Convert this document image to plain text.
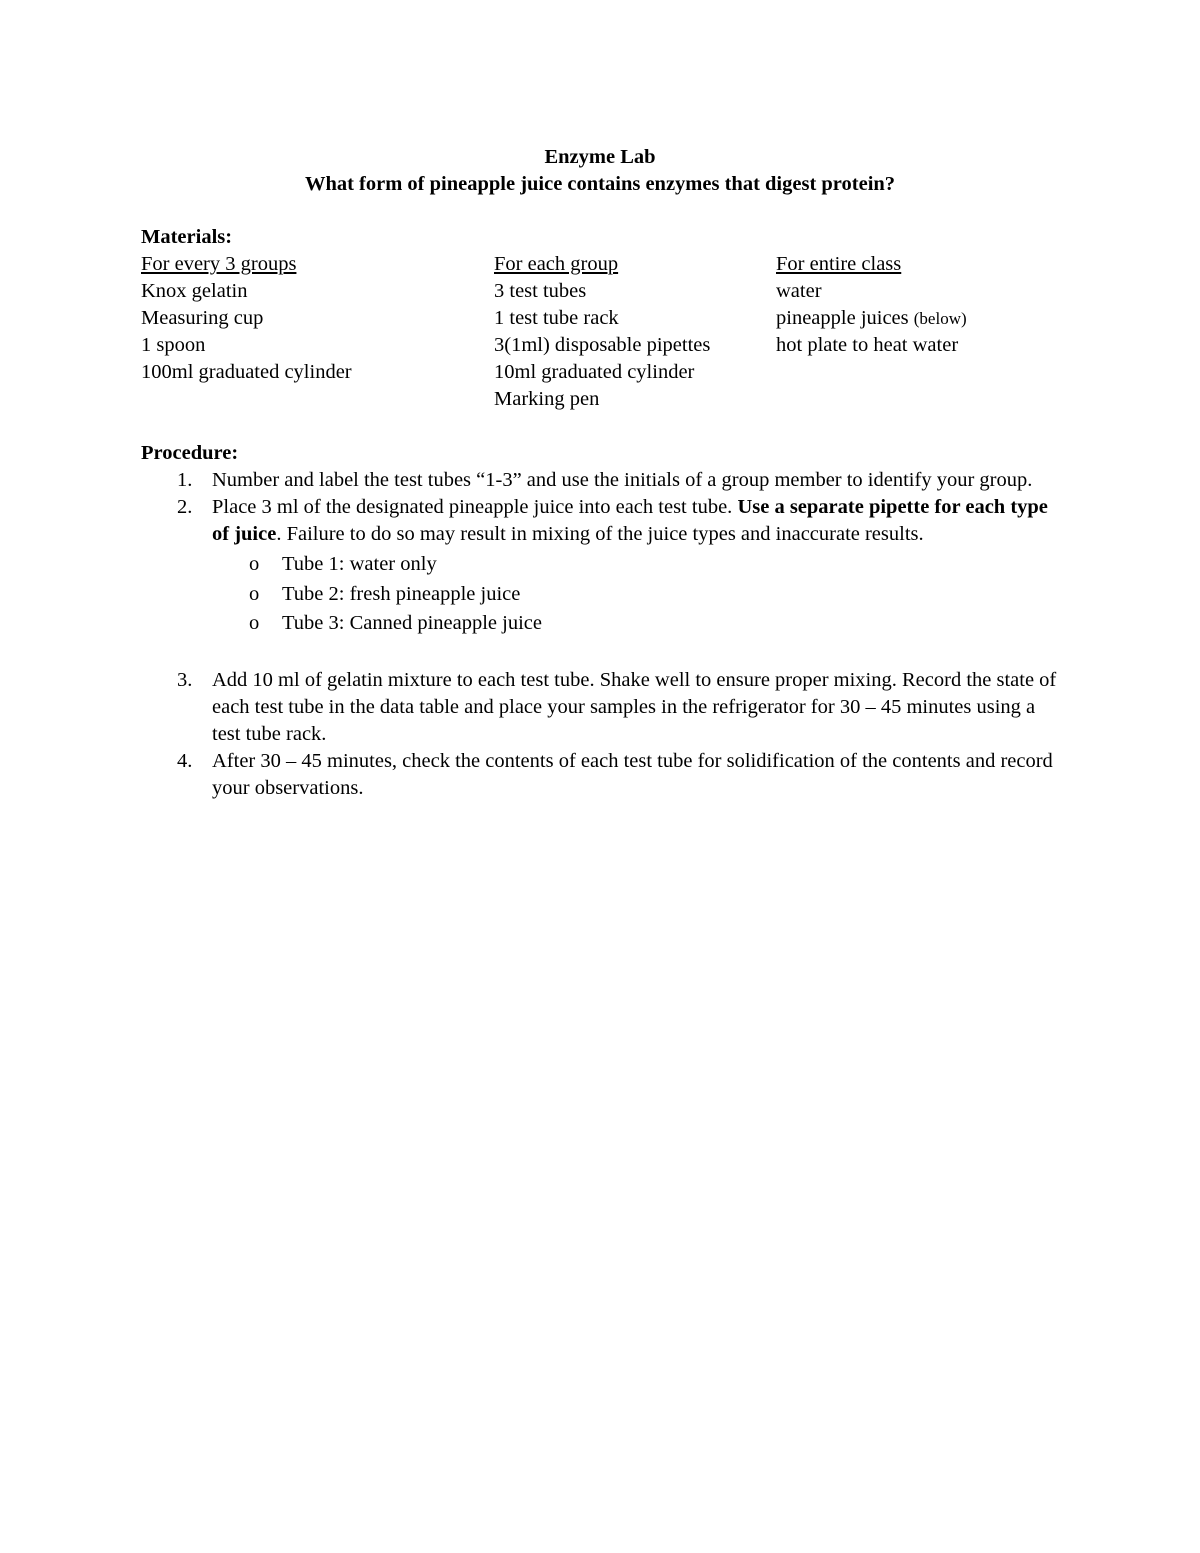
Enzyme Lab
What form of pineapple juice contains enzymes that digest protein?
Materials:
For every 3 groups
Knox gelatin
Measuring cup
1 spoon
100ml graduated cylinder
For each group
3 test tubes
1 test tube rack
3(1ml) disposable pipettes
10ml graduated cylinder
Marking pen
For entire class
water
pineapple juices (below)
hot plate to heat water
Procedure:
1. Number and label the test tubes “1-3” and use the initials of a group member to identify your group.
2. Place 3 ml of the designated pineapple juice into each test tube. Use a separate pipette for each type of juice. Failure to do so may result in mixing of the juice types and inaccurate results.
o Tube 1: water only
o Tube 2: fresh pineapple juice
o Tube 3: Canned pineapple juice
3. Add 10 ml of gelatin mixture to each test tube. Shake well to ensure proper mixing. Record the state of each test tube in the data table and place your samples in the refrigerator for 30 – 45 minutes using a test tube rack.
4. After 30 – 45 minutes, check the contents of each test tube for solidification of the contents and record your observations.
